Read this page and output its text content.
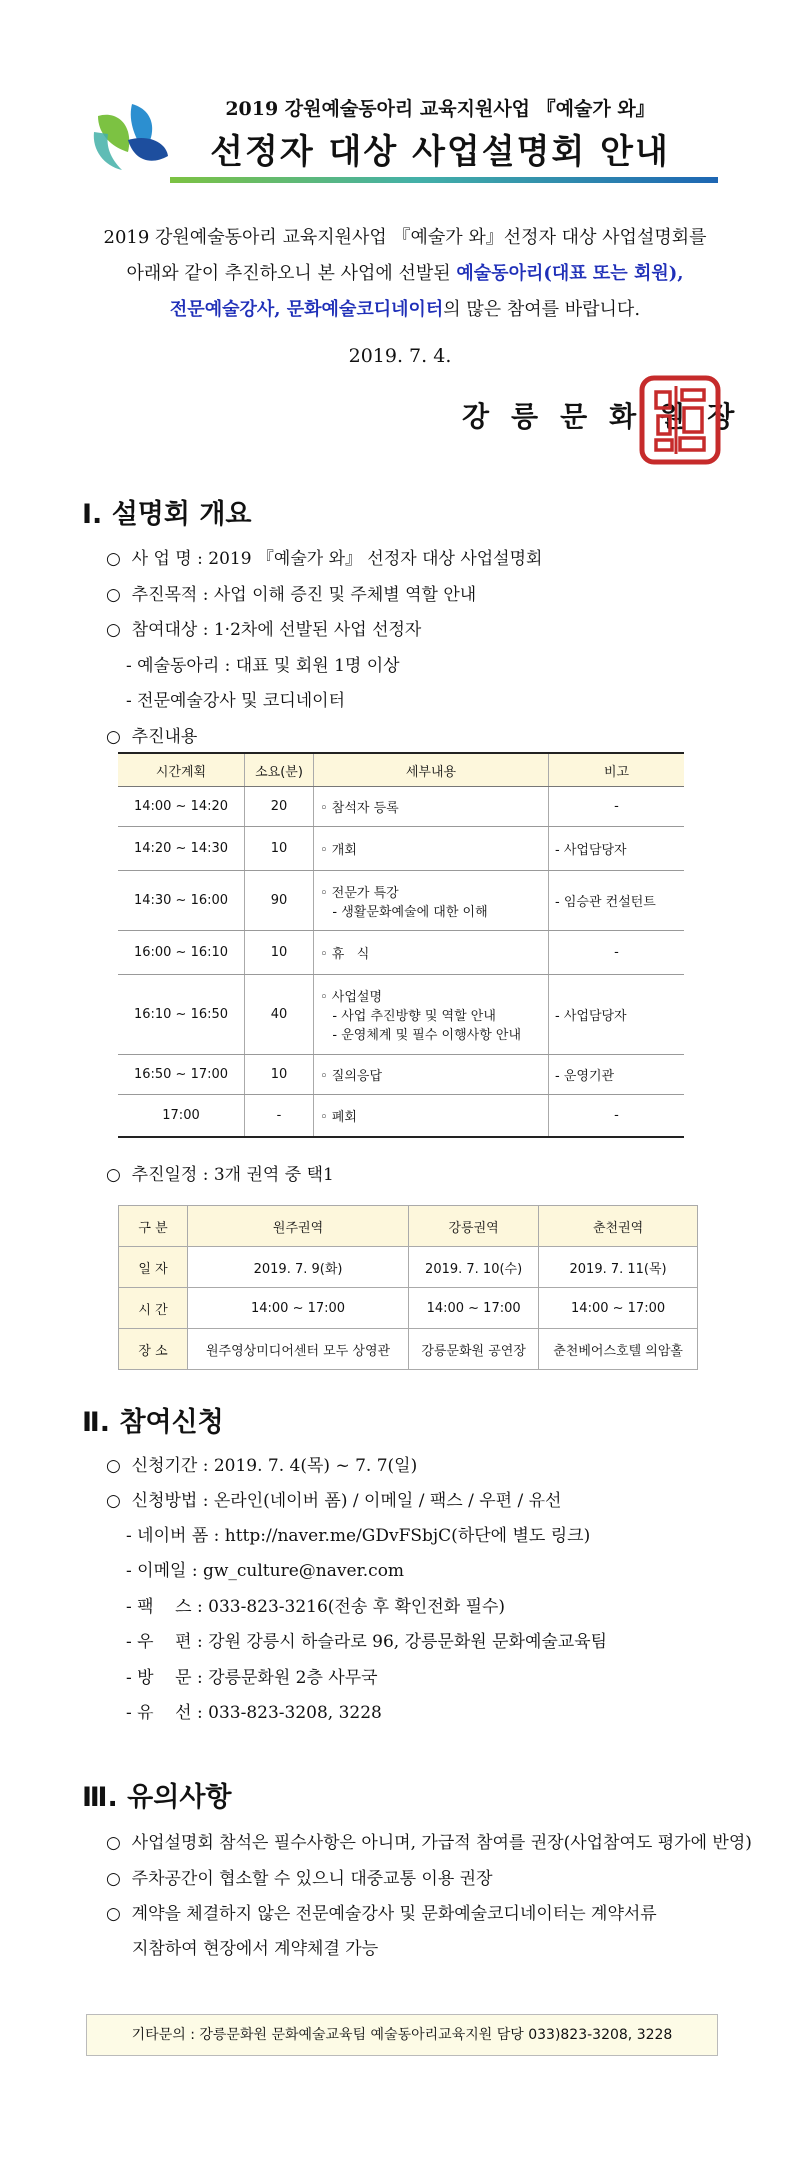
2019 강원예술동아리 교육지원사업 『예술가 와』
선정자 대상 사업설명회 안내
2019 강원예술동아리 교육지원사업 『예술가 와』선정자 대상 사업설명회를
아래와 같이 추진하오니 본 사업에 선발된 예술동아리(대표 또는 회원),
전문예술강사, 문화예술코디네이터의 많은 참여를 바랍니다.
2019. 7. 4.
강릉문화원장
Ⅰ. 설명회 개요
○  사 업 명 : 2019 『예술가 와』 선정자 대상 사업설명회
○  추진목적 : 사업 이해 증진 및 주체별 역할 안내
○  참여대상 : 1·2차에 선발된 사업 선정자
- 예술동아리 : 대표 및 회원 1명 이상
- 전문예술강사 및 코디네이터
○  추진내용
시간계획	소요(분)	세부내용	비고
14:00 ~ 14:20	20	◦ 참석자 등록	-
14:20 ~ 14:30	10	◦ 개회	- 사업담당자
14:30 ~ 16:00	90	◦ 전문가 특강
- 생활문화예술에 대한 이해	- 임승관 컨설턴트
16:00 ~ 16:10	10	◦ 휴   식	-
16:10 ~ 16:50	40	◦ 사업설명
- 사업 추진방향 및 역할 안내
- 운영체계 및 필수 이행사항 안내	- 사업담당자
16:50 ~ 17:00	10	◦ 질의응답	- 운영기관
17:00	-	◦ 폐회	-
○  추진일정 : 3개 권역 중 택1
구 분	원주권역	강릉권역	춘천권역
일 자	2019. 7. 9(화)	2019. 7. 10(수)	2019. 7. 11(목)
시 간	14:00 ~ 17:00	14:00 ~ 17:00	14:00 ~ 17:00
장 소	원주영상미디어센터 모두 상영관	강릉문화원 공연장	춘천베어스호텔 의암홀
Ⅱ. 참여신청
○  신청기간 : 2019. 7. 4(목) ~ 7. 7(일)
○  신청방법 : 온라인(네이버 폼) / 이메일 / 팩스 / 우편 / 유선
- 네이버 폼 : http://naver.me/GDvFSbjC(하단에 별도 링크)
- 이메일 : gw_culture@naver.com
- 팩    스 : 033-823-3216(전송 후 확인전화 필수)
- 우    편 : 강원 강릉시 하슬라로 96, 강릉문화원 문화예술교육팀
- 방    문 : 강릉문화원 2층 사무국
- 유    선 : 033-823-3208, 3228
Ⅲ. 유의사항
○  사업설명회 참석은 필수사항은 아니며, 가급적 참여를 권장(사업참여도 평가에 반영)
○  주차공간이 협소할 수 있으니 대중교통 이용 권장
○  계약을 체결하지 않은 전문예술강사 및 문화예술코디네이터는 계약서류
지참하여 현장에서 계약체결 가능
기타문의 : 강릉문화원 문화예술교육팀 예술동아리교육지원 담당 033)823-3208, 3228
